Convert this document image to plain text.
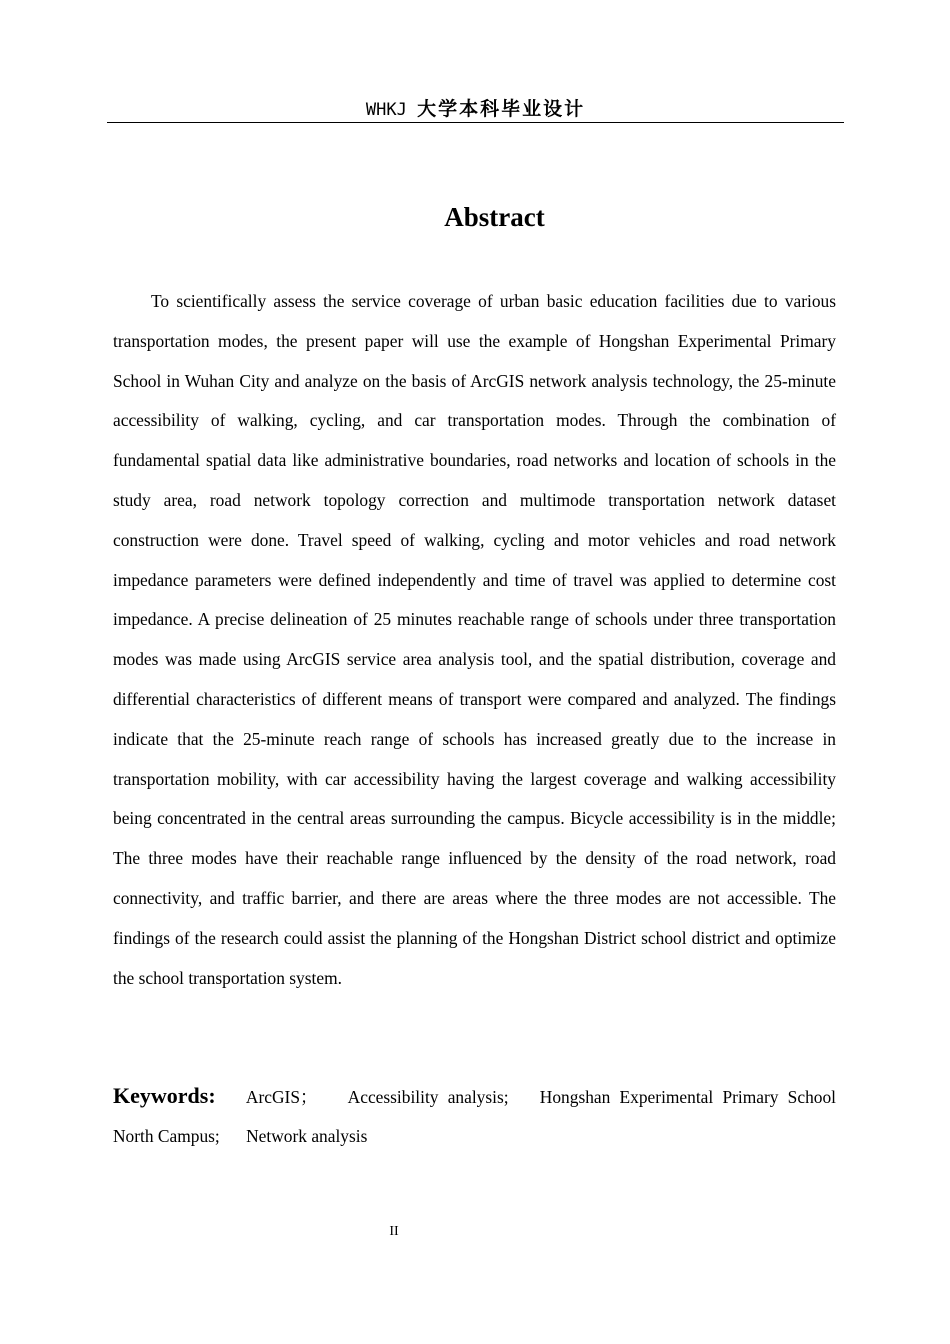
WHKJ 大学本科毕业设计
Abstract

To scientifically assess the service coverage of urban basic education facilities due to various transportation modes, the present paper will use the example of Hongshan Experimental Primary School in Wuhan City and analyze on the basis of ArcGIS network analysis technology, the 25-minute accessibility of walking, cycling, and car transportation modes. Through the combination of fundamental spatial data like administrative boundaries, road networks and location of schools in the study area, road network topology correction and multimode transportation network dataset construction were done. Travel speed of walking, cycling and motor vehicles and road network impedance parameters were defined independently and time of travel was applied to determine cost impedance. A precise delineation of 25 minutes reachable range of schools under three transportation modes was made using ArcGIS service area analysis tool, and the spatial distribution, coverage and differential characteristics of different means of transport were compared and analyzed. The findings indicate that the 25-minute reach range of schools has increased greatly due to the increase in transportation mobility, with car accessibility having the largest coverage and walking accessibility being concentrated in the central areas surrounding the campus. Bicycle accessibility is in the middle; The three modes have their reachable range influenced by the density of the road network, road connectivity, and traffic barrier, and there are areas where the three modes are not accessible. The findings of the research could assist the planning of the Hongshan District school district and optimize the school transportation system.

Keywords: ArcGIS； Accessibility analysis; Hongshan Experimental Primary School North Campus; Network analysis
II
